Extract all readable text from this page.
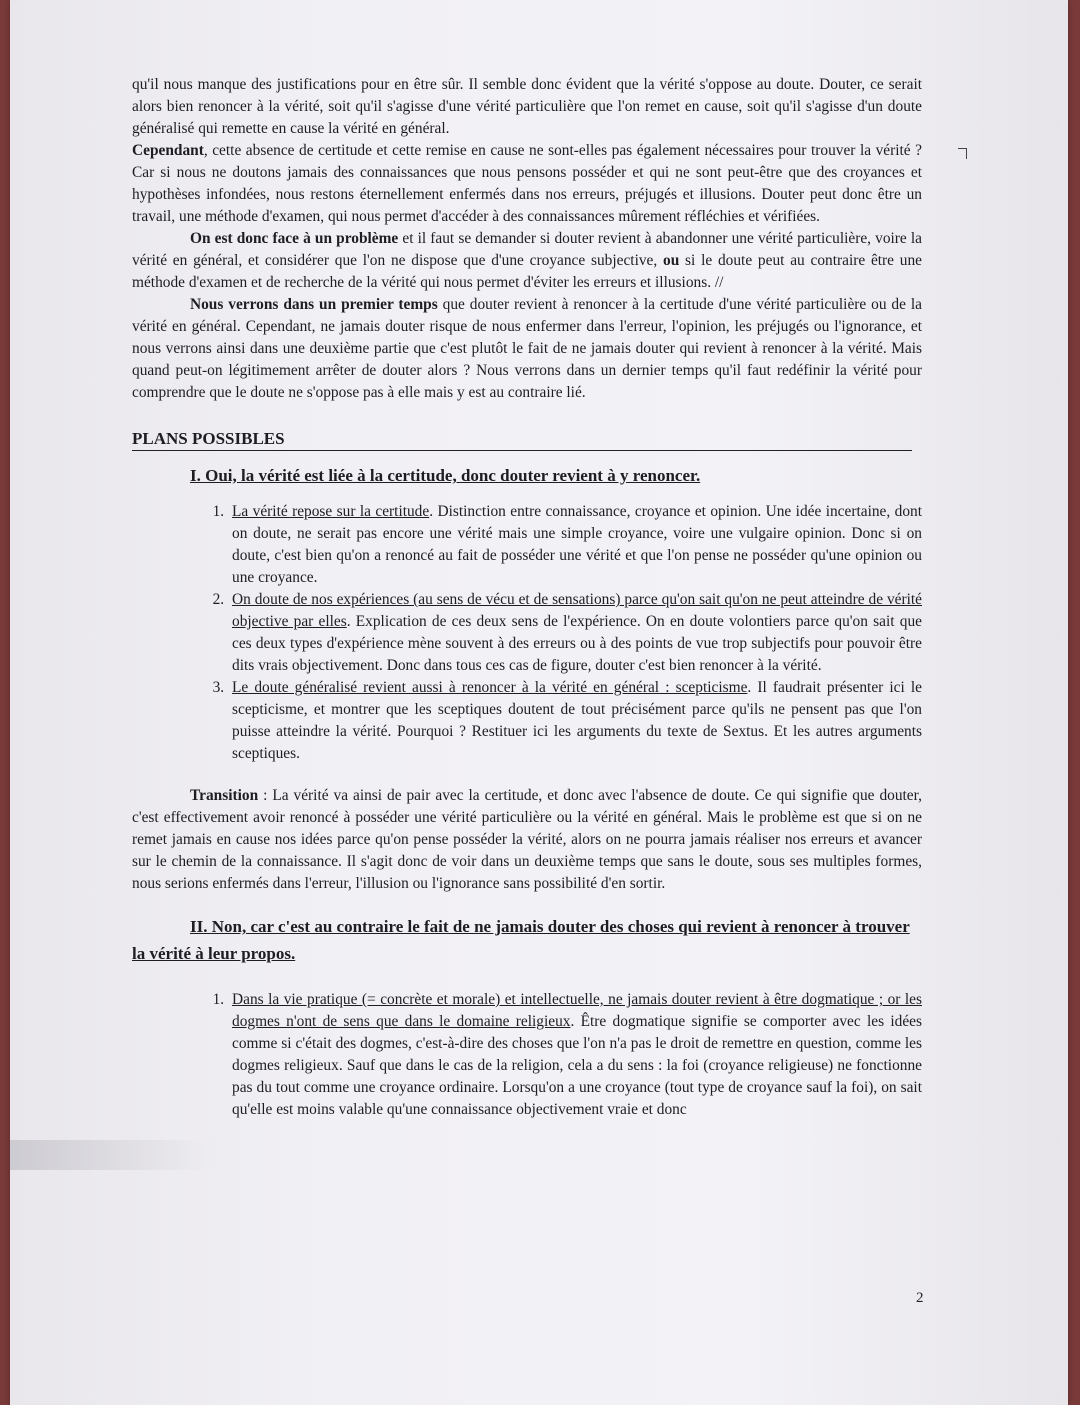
qu'il nous manque des justifications pour en être sûr. Il semble donc évident que la vérité s'oppose au doute. Douter, ce serait alors bien renoncer à la vérité, soit qu'il s'agisse d'une vérité particulière que l'on remet en cause, soit qu'il s'agisse d'un doute généralisé qui remette en cause la vérité en général.

Cependant, cette absence de certitude et cette remise en cause ne sont-elles pas également nécessaires pour trouver la vérité ? Car si nous ne doutons jamais des connaissances que nous pensons posséder et qui ne sont peut-être que des croyances et hypothèses infondées, nous restons éternellement enfermés dans nos erreurs, préjugés et illusions. Douter peut donc être un travail, une méthode d'examen, qui nous permet d'accéder à des connaissances mûrement réfléchies et vérifiées.

On est donc face à un problème et il faut se demander si douter revient à abandonner une vérité particulière, voire la vérité en général, et considérer que l'on ne dispose que d'une croyance subjective, ou si le doute peut au contraire être une méthode d'examen et de recherche de la vérité qui nous permet d'éviter les erreurs et illusions. //

Nous verrons dans un premier temps que douter revient à renoncer à la certitude d'une vérité particulière ou de la vérité en général. Cependant, ne jamais douter risque de nous enfermer dans l'erreur, l'opinion, les préjugés ou l'ignorance, et nous verrons ainsi dans une deuxième partie que c'est plutôt le fait de ne jamais douter qui revient à renoncer à la vérité. Mais quand peut-on légitimement arrêter de douter alors ? Nous verrons dans un dernier temps qu'il faut redéfinir la vérité pour comprendre que le doute ne s'oppose pas à elle mais y est au contraire lié.

PLANS POSSIBLES
I. Oui, la vérité est liée à la certitude, donc douter revient à y renoncer.
1. La vérité repose sur la certitude. Distinction entre connaissance, croyance et opinion. Une idée incertaine, dont on doute, ne serait pas encore une vérité mais une simple croyance, voire une vulgaire opinion. Donc si on doute, c'est bien qu'on a renoncé au fait de posséder une vérité et que l'on pense ne posséder qu'une opinion ou une croyance.
2. On doute de nos expériences (au sens de vécu et de sensations) parce qu'on sait qu'on ne peut atteindre de vérité objective par elles. Explication de ces deux sens de l'expérience. On en doute volontiers parce qu'on sait que ces deux types d'expérience mène souvent à des erreurs ou à des points de vue trop subjectifs pour pouvoir être dits vrais objectivement. Donc dans tous ces cas de figure, douter c'est bien renoncer à la vérité.
3. Le doute généralisé revient aussi à renoncer à la vérité en général : scepticisme. Il faudrait présenter ici le scepticisme, et montrer que les sceptiques doutent de tout précisément parce qu'ils ne pensent pas que l'on puisse atteindre la vérité. Pourquoi ? Restituer ici les arguments du texte de Sextus. Et les autres arguments sceptiques.

Transition : La vérité va ainsi de pair avec la certitude, et donc avec l'absence de doute. Ce qui signifie que douter, c'est effectivement avoir renoncé à posséder une vérité particulière ou la vérité en général. Mais le problème est que si on ne remet jamais en cause nos idées parce qu'on pense posséder la vérité, alors on ne pourra jamais réaliser nos erreurs et avancer sur le chemin de la connaissance. Il s'agit donc de voir dans un deuxième temps que sans le doute, sous ses multiples formes, nous serions enfermés dans l'erreur, l'illusion ou l'ignorance sans possibilité d'en sortir.

II. Non, car c'est au contraire le fait de ne jamais douter des choses qui revient à renoncer à trouver la vérité à leur propos.
1. Dans la vie pratique (= concrète et morale) et intellectuelle, ne jamais douter revient à être dogmatique ; or les dogmes n'ont de sens que dans le domaine religieux. Être dogmatique signifie se comporter avec les idées comme si c'était des dogmes, c'est-à-dire des choses que l'on n'a pas le droit de remettre en question, comme les dogmes religieux. Sauf que dans le cas de la religion, cela a du sens : la foi (croyance religieuse) ne fonctionne pas du tout comme une croyance ordinaire. Lorsqu'on a une croyance (tout type de croyance sauf la foi), on sait qu'elle est moins valable qu'une connaissance objectivement vraie et donc
2
